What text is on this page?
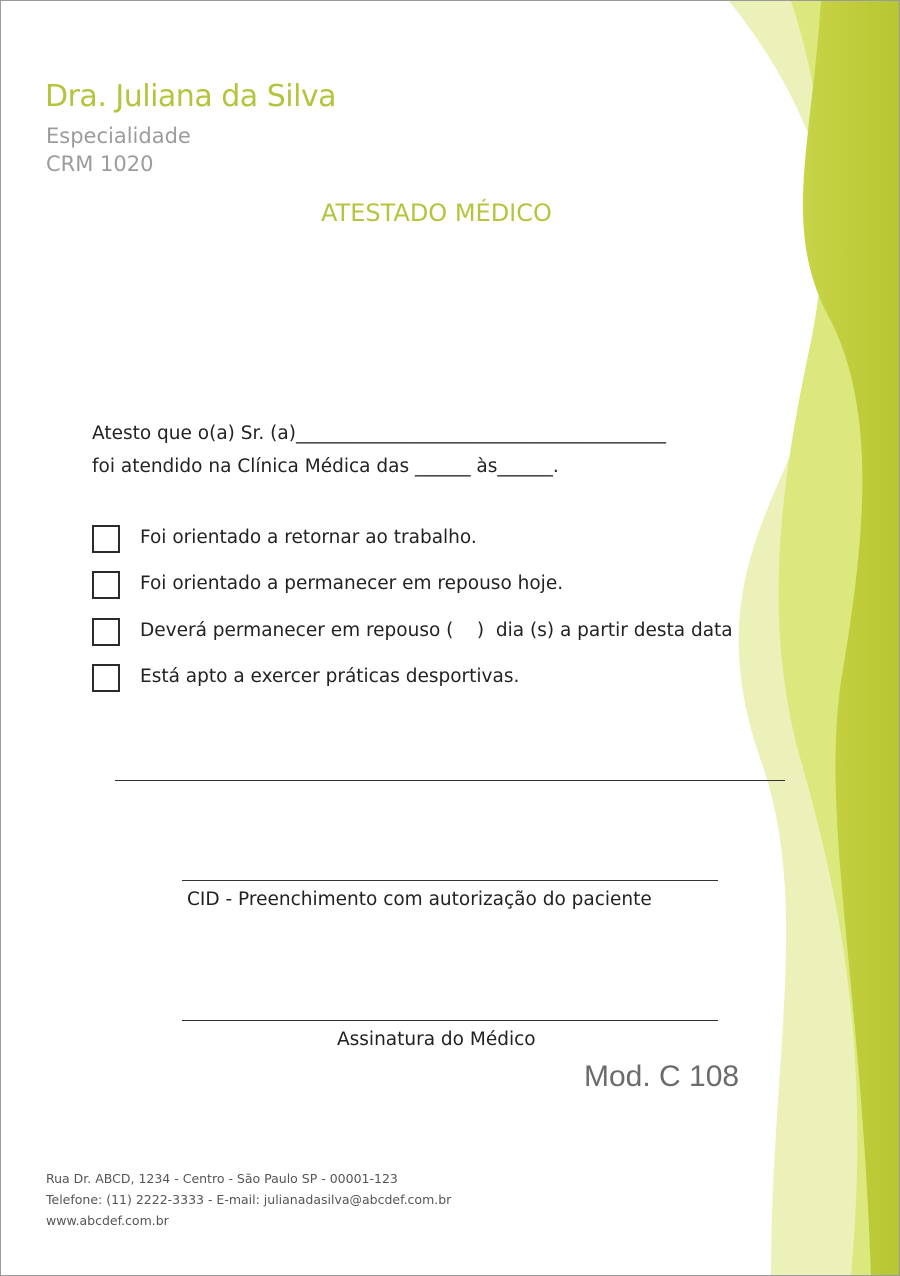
Dra. Juliana da Silva
Especialidade
CRM 1020
ATESTADO MÉDICO
Atesto que o(a) Sr. (a)________________________________________
foi atendido na Clínica Médica das ______ às______.
Foi orientado a retornar ao trabalho.
Foi orientado a permanecer em repouso hoje.
Deverá permanecer em repouso (    )  dia (s) a partir desta data
Está apto a exercer práticas desportivas.
CID - Preenchimento com autorização do paciente
Assinatura do Médico
Mod. C 108
Rua Dr. ABCD, 1234 - Centro - São Paulo SP - 00001-123
Telefone: (11) 2222-3333 - E-mail: julianadasilva@abcdef.com.br
www.abcdef.com.br
